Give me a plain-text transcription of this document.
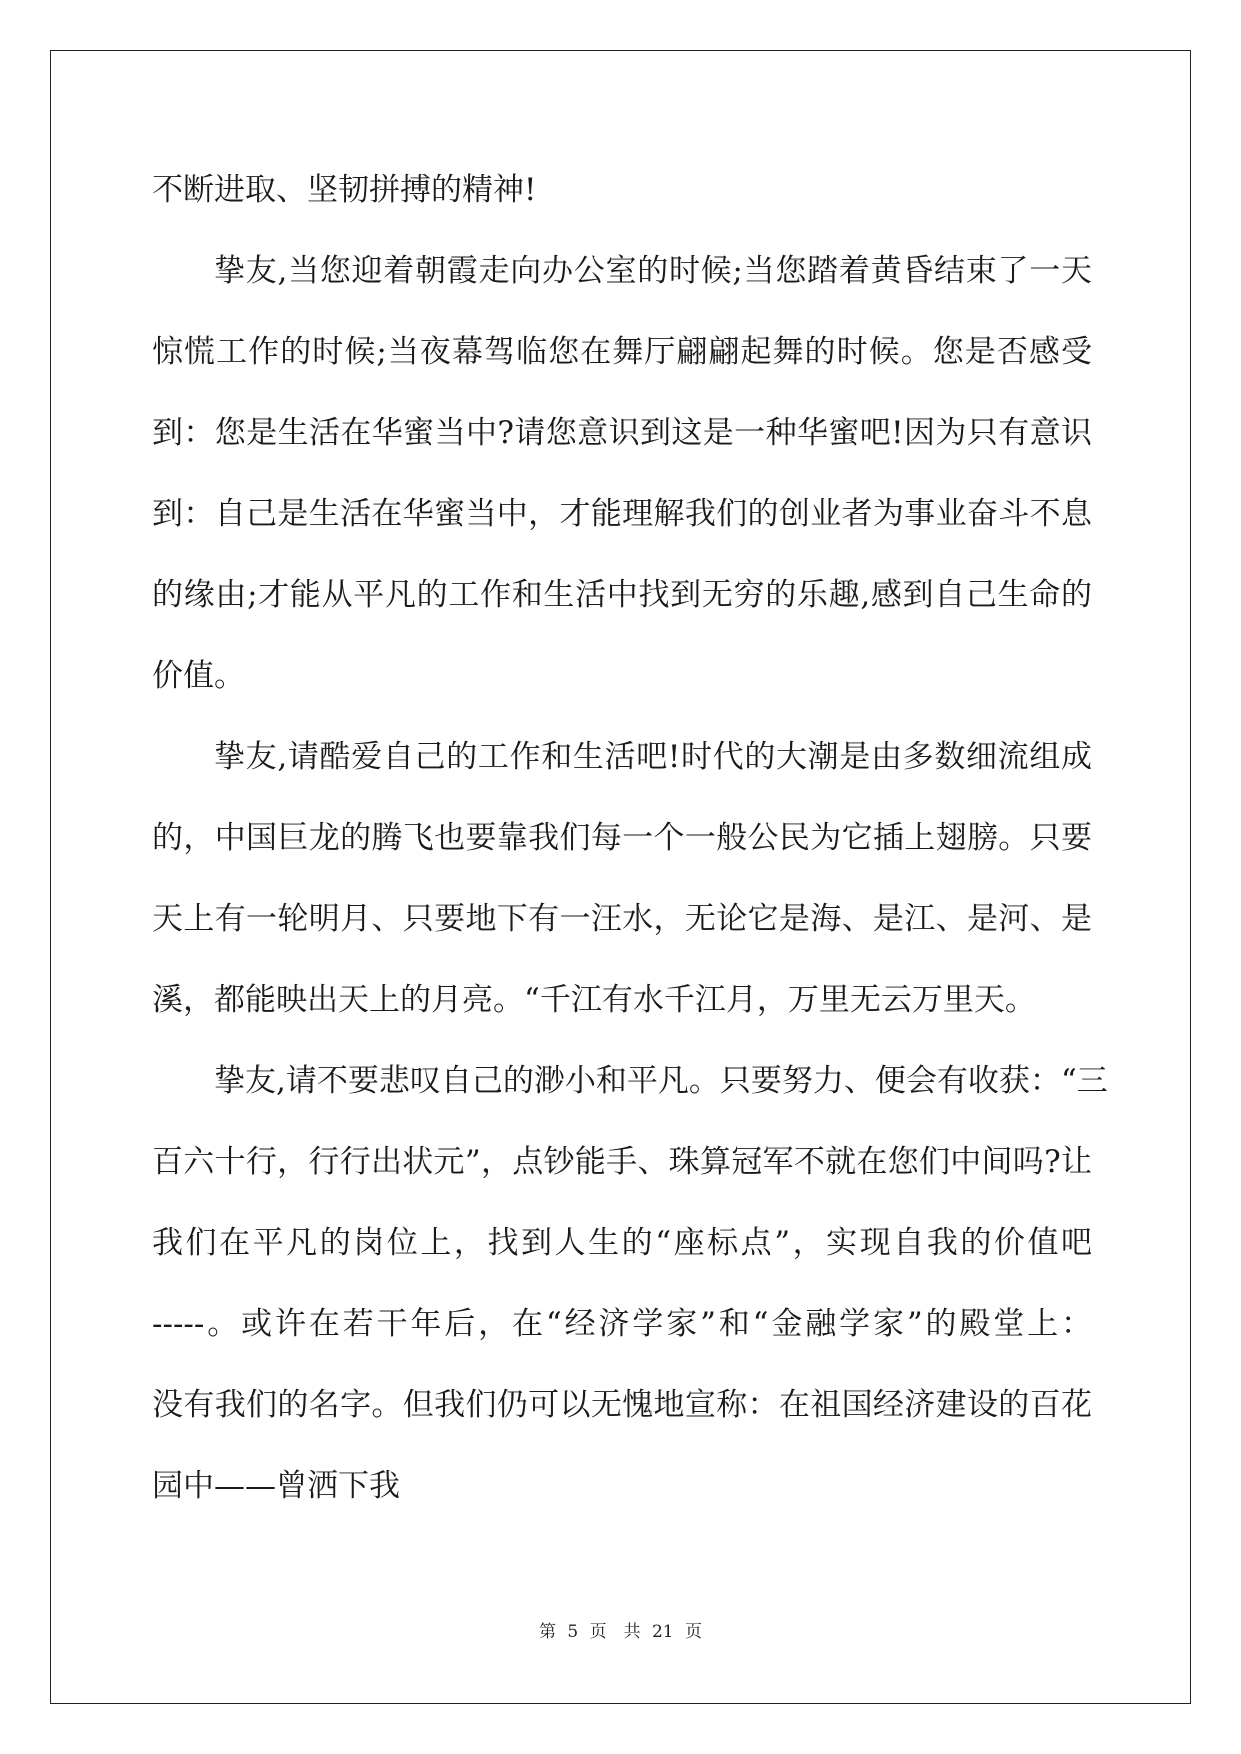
不断进取、坚韧拼搏的精神!
挚友,当您迎着朝霞走向办公室的时候;当您踏着黄昏结束了一天
惊慌工作的时候;当夜幕驾临您在舞厅翩翩起舞的时候。您是否感受
到：您是生活在华蜜当中?请您意识到这是一种华蜜吧!因为只有意识
到：自己是生活在华蜜当中，才能理解我们的创业者为事业奋斗不息
的缘由;才能从平凡的工作和生活中找到无穷的乐趣,感到自己生命的
价值。
挚友,请酷爱自己的工作和生活吧!时代的大潮是由多数细流组成
的，中国巨龙的腾飞也要靠我们每一个一般公民为它插上翅膀。只要
天上有一轮明月、只要地下有一汪水，无论它是海、是江、是河、是
溪，都能映出天上的月亮。“千江有水千江月，万里无云万里天。
挚友,请不要悲叹自己的渺小和平凡。只要努力、便会有收获：“三
百六十行，行行出状元”，点钞能手、珠算冠军不就在您们中间吗?让
我们在平凡的岗位上，找到人生的“座标点”，实现自我的价值吧
-----。或许在若干年后，在“经济学家”和“金融学家”的殿堂上：
没有我们的名字。但我们仍可以无愧地宣称：在祖国经济建设的百花
园中——曾洒下我
第 5 页　共 21 页
